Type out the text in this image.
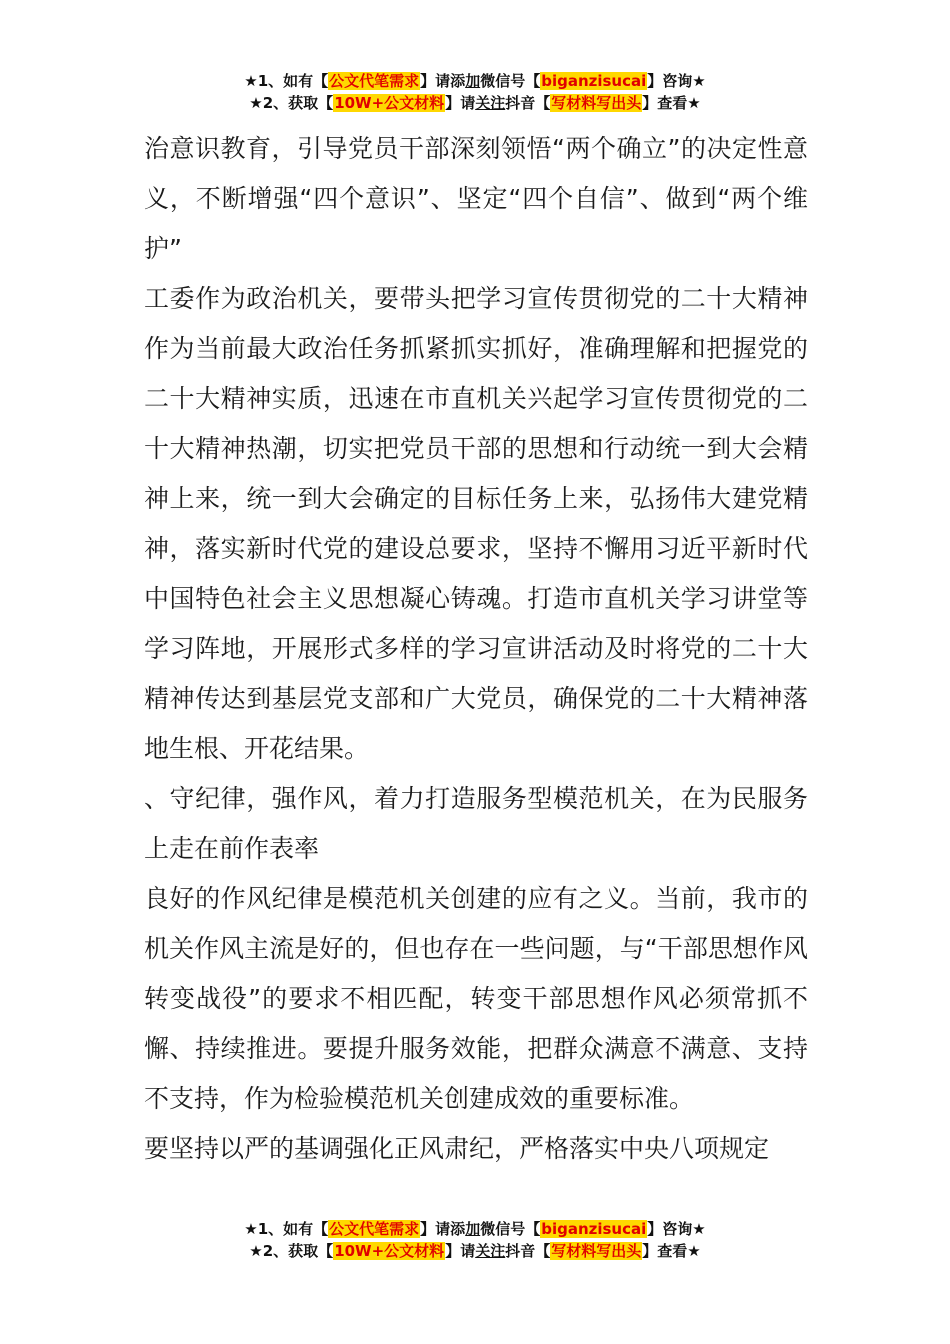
★1、如有【公文代笔需求】请添加微信号【biganzisucai】咨询★
★2、获取【10W+公文材料】请关注抖音【写材料写出头】查看★

治意识教育，引导党员干部深刻领悟“两个确立”的决定性意义，不断增强“四个意识”、坚定“四个自信”、做到“两个维护”

工委作为政治机关，要带头把学习宣传贯彻党的二十大精神作为当前最大政治任务抓紧抓实抓好，准确理解和把握党的二十大精神实质，迅速在市直机关兴起学习宣传贯彻党的二十大精神热潮，切实把党员干部的思想和行动统一到大会精神上来，统一到大会确定的目标任务上来，弘扬伟大建党精神，落实新时代党的建设总要求，坚持不懈用习近平新时代中国特色社会主义思想凝心铸魂。打造市直机关学习讲堂等学习阵地，开展形式多样的学习宣讲活动及时将党的二十大精神传达到基层党支部和广大党员，确保党的二十大精神落地生根、开花结果。

、守纪律，强作风，着力打造服务型模范机关，在为民服务上走在前作表率

良好的作风纪律是模范机关创建的应有之义。当前，我市的机关作风主流是好的，但也存在一些问题，与“干部思想作风转变战役”的要求不相匹配，转变干部思想作风必须常抓不懈、持续推进。要提升服务效能，把群众满意不满意、支持不支持，作为检验模范机关创建成效的重要标准。

要坚持以严的基调强化正风肃纪，严格落实中央八项规定

★1、如有【公文代笔需求】请添加微信号【biganzisucai】咨询★
★2、获取【10W+公文材料】请关注抖音【写材料写出头】查看★
